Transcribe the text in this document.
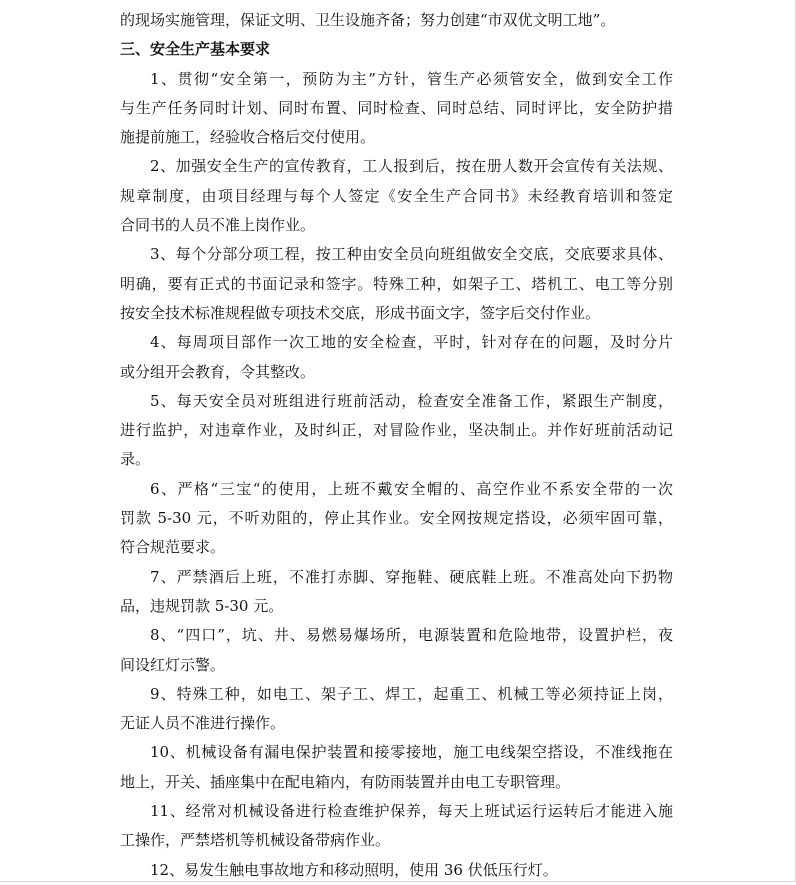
的现场实施管理，保证文明、卫生设施齐备；努力创建“市双优文明工地”。
三、安全生产基本要求
1、贯彻“安全第一，预防为主”方针，管生产必须管安全，做到安全工作
与生产任务同时计划、同时布置、同时检查、同时总结、同时评比，安全防护措
施提前施工，经验收合格后交付使用。
2、加强安全生产的宣传教育，工人报到后，按在册人数开会宣传有关法规、
规章制度，由项目经理与每个人签定《安全生产合同书》未经教育培训和签定
合同书的人员不准上岗作业。
3、每个分部分项工程，按工种由安全员向班组做安全交底，交底要求具体、
明确，要有正式的书面记录和签字。特殊工种，如架子工、塔机工、电工等分别
按安全技术标准规程做专项技术交底，形成书面文字，签字后交付作业。
4、每周项目部作一次工地的安全检查，平时，针对存在的问题，及时分片
或分组开会教育，令其整改。
5、每天安全员对班组进行班前活动，检查安全准备工作，紧跟生产制度，
进行监护，对违章作业，及时纠正，对冒险作业，坚决制止。并作好班前活动记
录。
6、严格“三宝“的使用，上班不戴安全帽的、高空作业不系安全带的一次
罚款 5-30 元，不听劝阻的，停止其作业。安全网按规定搭设，必须牢固可靠，
符合规范要求。
7、严禁酒后上班，不准打赤脚、穿拖鞋、硬底鞋上班。不准高处向下扔物
品，违规罚款 5-30 元。
8、“四口”，坑、井、易燃易爆场所，电源装置和危险地带，设置护栏，夜
间设红灯示警。
9、特殊工种，如电工、架子工、焊工，起重工、机械工等必须持证上岗，
无证人员不准进行操作。
10、机械设备有漏电保护装置和接零接地，施工电线架空搭设，不准线拖在
地上，开关、插座集中在配电箱内，有防雨装置并由电工专职管理。
11、经常对机械设备进行检查维护保养，每天上班试运行运转后才能进入施
工操作，严禁塔机等机械设备带病作业。
12、易发生触电事故地方和移动照明，使用 36 伏低压行灯。
